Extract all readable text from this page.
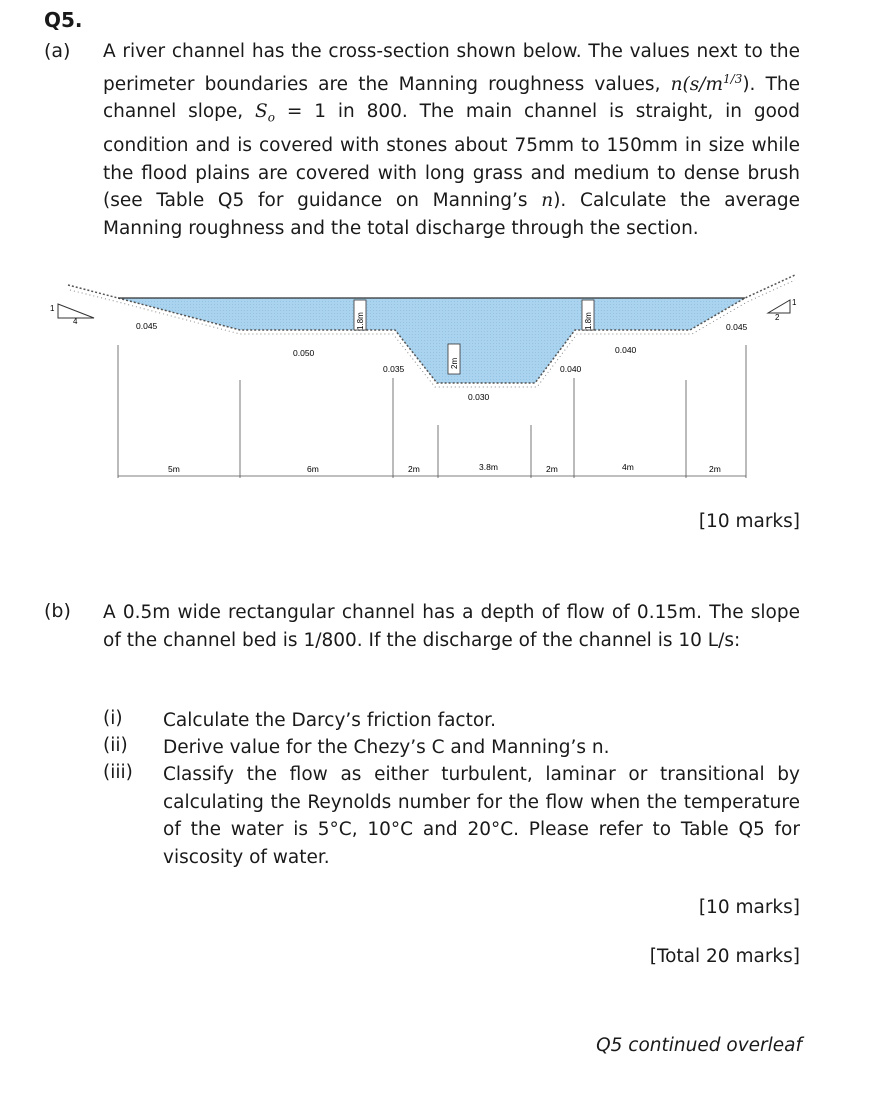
Q5.
(a) A river channel has the cross-section shown below. The values next to the perimeter boundaries are the Manning roughness values, $n(s/m^{1/3})$. The channel slope, $S_o = 1$ in 800. The main channel is straight, in good condition and is covered with stones about 75mm to 150mm in size while the flood plains are covered with long grass and medium to dense brush (see Table Q5 for guidance on Manning’s n). Calculate the average Manning roughness and the total discharge through the section.
1
4
1
2
1.8m
2m
1.8m
0.045
0.050
0.035
0.030
0.040
0.040
0.045
5m	6m	2m	3.8m	2m	4m	2m
[10 marks]
(b) A 0.5m wide rectangular channel has a depth of flow of 0.15m. The slope of the channel bed is 1/800. If the discharge of the channel is 10 L/s:
(i) Calculate the Darcy’s friction factor.
(ii) Derive value for the Chezy’s C and Manning’s n.
(iii) Classify the flow as either turbulent, laminar or transitional by calculating the Reynolds number for the flow when the temperature of the water is 5°C, 10°C and 20°C. Please refer to Table Q5 for viscosity of water.
[10 marks]
[Total 20 marks]
Q5 continued overleaf
